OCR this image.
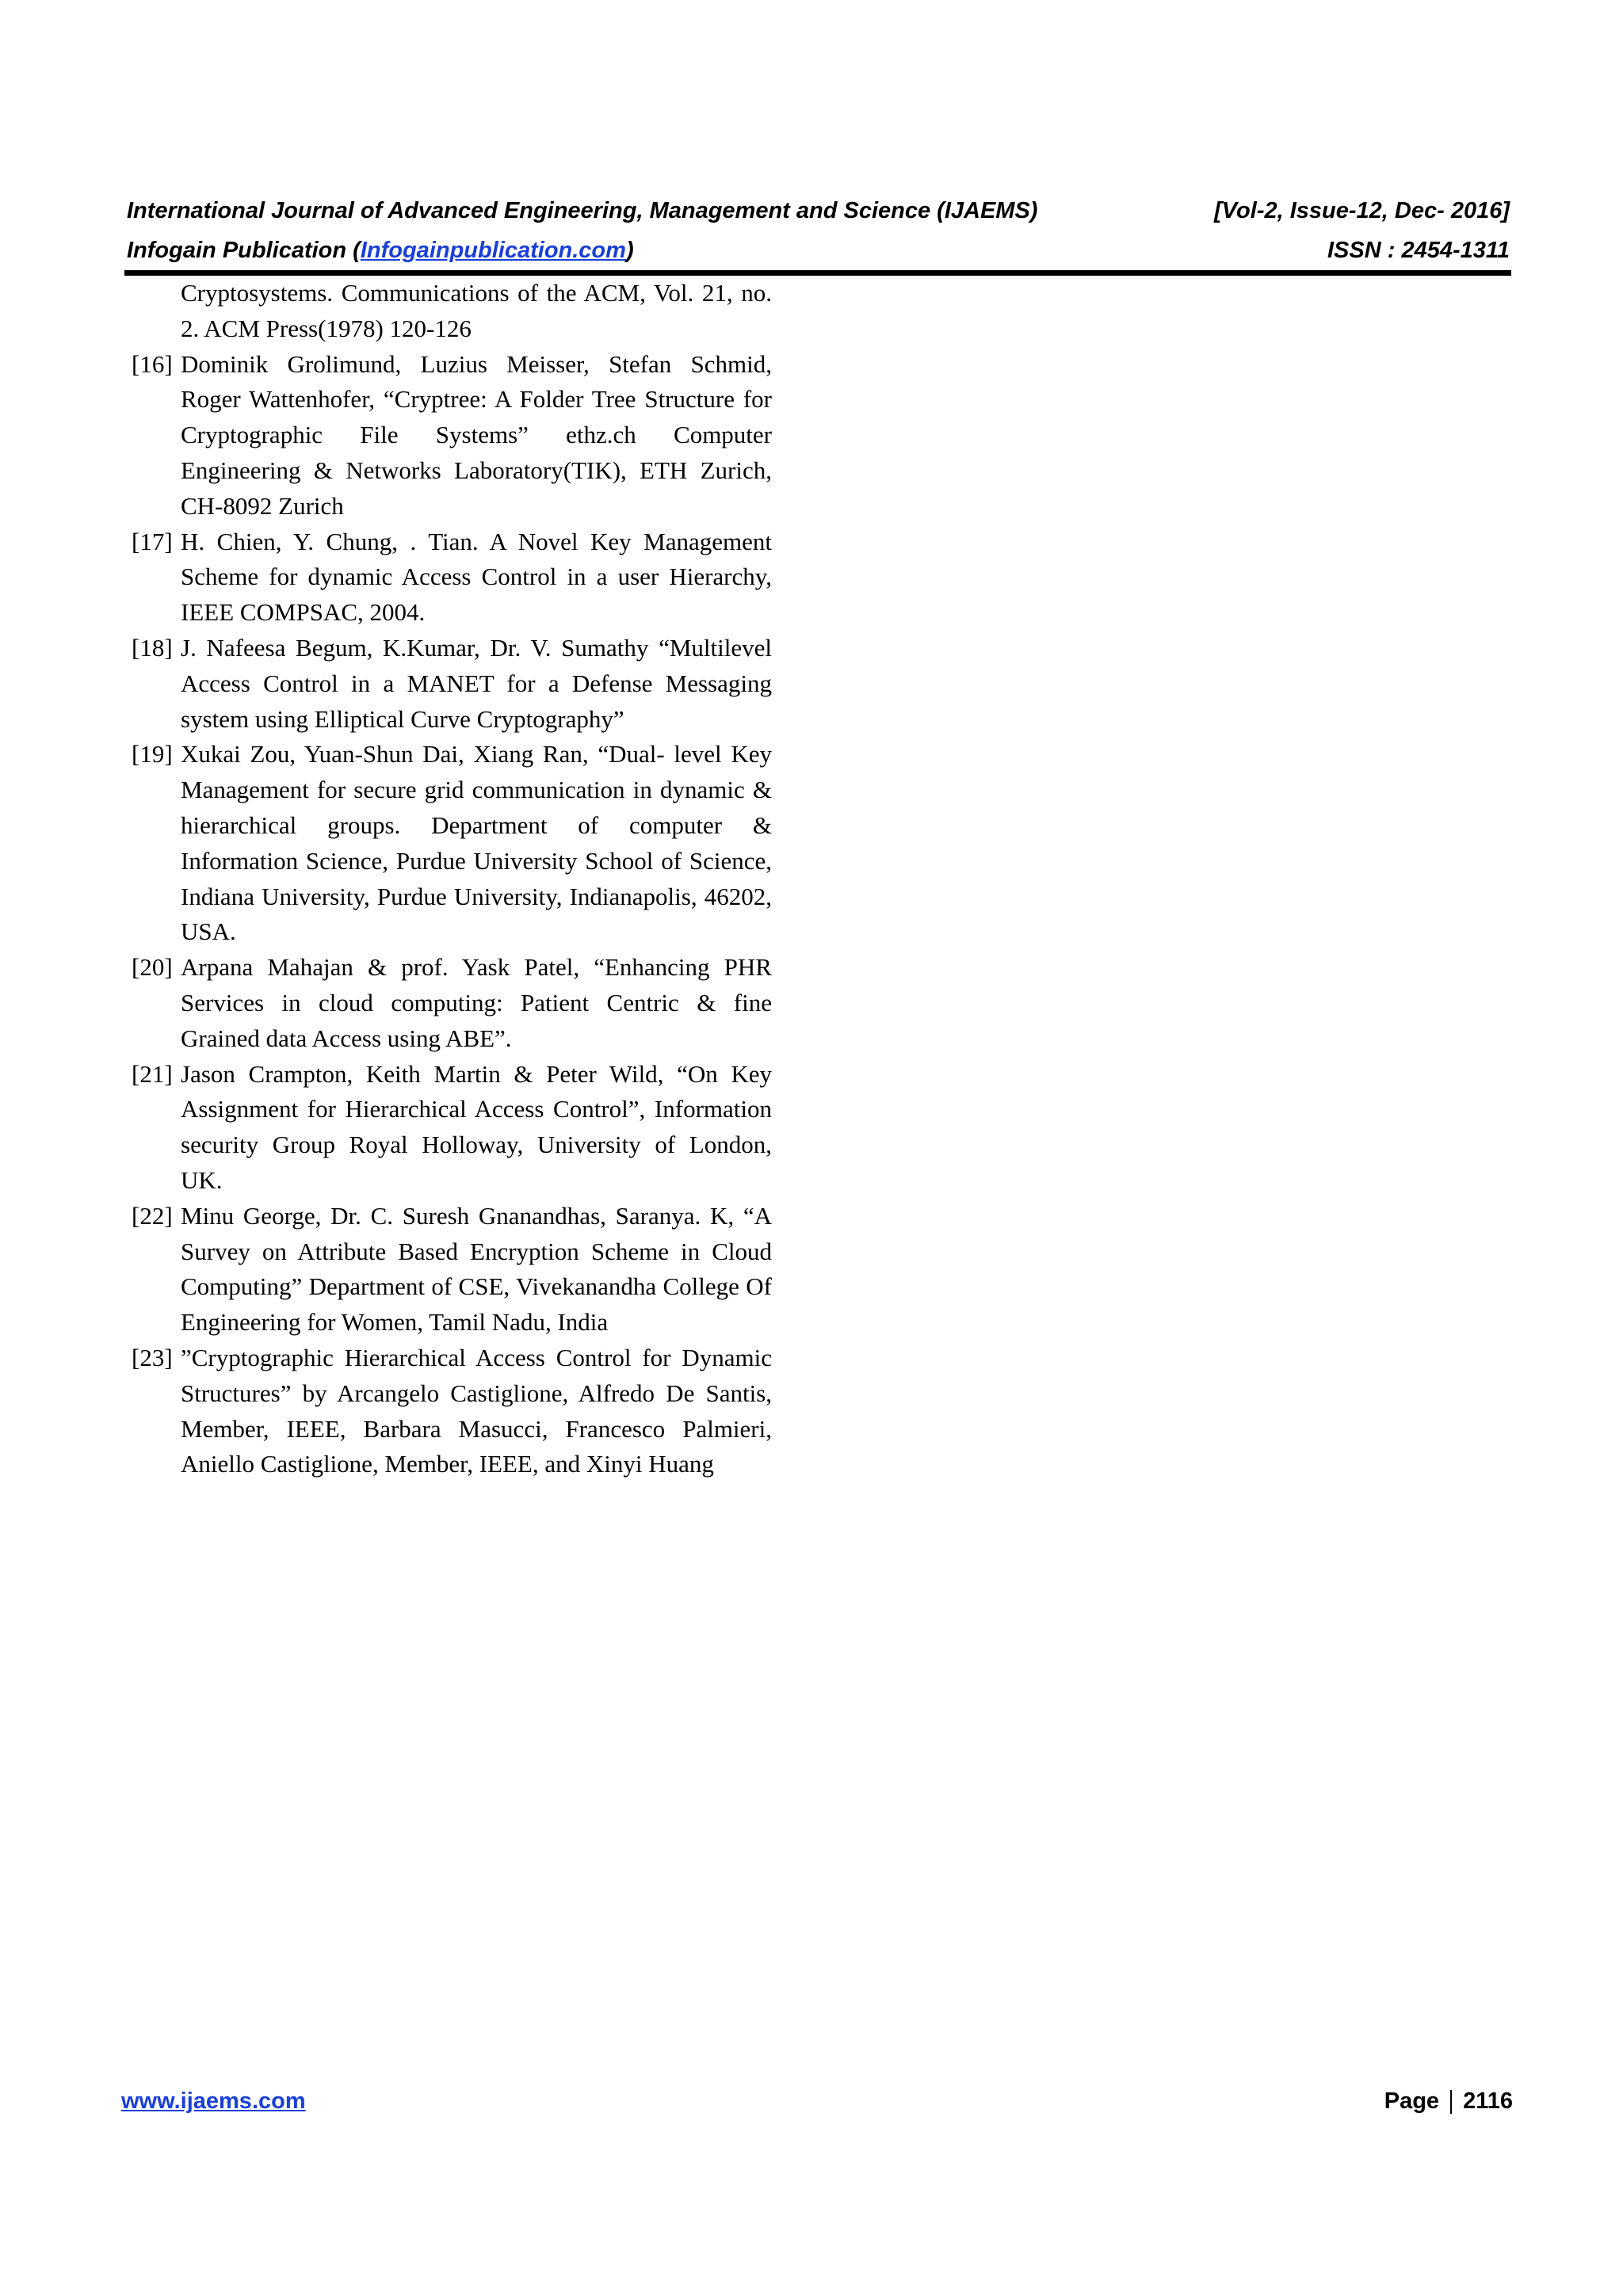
International Journal of Advanced Engineering, Management and Science (IJAEMS)	[Vol-2, Issue-12, Dec- 2016]
Infogain Publication (Infogainpublication.com)	ISSN : 2454-1311
Cryptosystems. Communications of the ACM, Vol. 21, no. 2. ACM Press(1978) 120-126
[16] Dominik Grolimund, Luzius Meisser, Stefan Schmid, Roger Wattenhofer, “Cryptree: A Folder Tree Structure for Cryptographic File Systems” ethz.ch Computer Engineering & Networks Laboratory(TIK), ETH Zurich, CH-8092 Zurich
[17] H. Chien, Y. Chung, . Tian. A Novel Key Management Scheme for dynamic Access Control in a user Hierarchy, IEEE COMPSAC, 2004.
[18] J. Nafeesa Begum, K.Kumar, Dr. V. Sumathy “Multilevel Access Control in a MANET for a Defense Messaging system using Elliptical Curve Cryptography”
[19] Xukai Zou, Yuan-Shun Dai, Xiang Ran, “Dual- level Key Management for secure grid communication in dynamic & hierarchical groups. Department of computer & Information Science, Purdue University School of Science, Indiana University, Purdue University, Indianapolis, 46202, USA.
[20] Arpana Mahajan & prof. Yask Patel, “Enhancing PHR Services in cloud computing: Patient Centric & fine Grained data Access using ABE”.
[21] Jason Crampton, Keith Martin & Peter Wild, “On Key Assignment for Hierarchical Access Control”, Information security Group Royal Holloway, University of London, UK.
[22] Minu George, Dr. C. Suresh Gnanandhas, Saranya. K, “A Survey on Attribute Based Encryption Scheme in Cloud Computing” Department of CSE, Vivekanandha College Of Engineering for Women, Tamil Nadu, India
[23] ”Cryptographic Hierarchical Access Control for Dynamic Structures” by Arcangelo Castiglione, Alfredo De Santis, Member, IEEE, Barbara Masucci, Francesco Palmieri, Aniello Castiglione, Member, IEEE, and Xinyi Huang
www.ijaems.com	Page 2116
